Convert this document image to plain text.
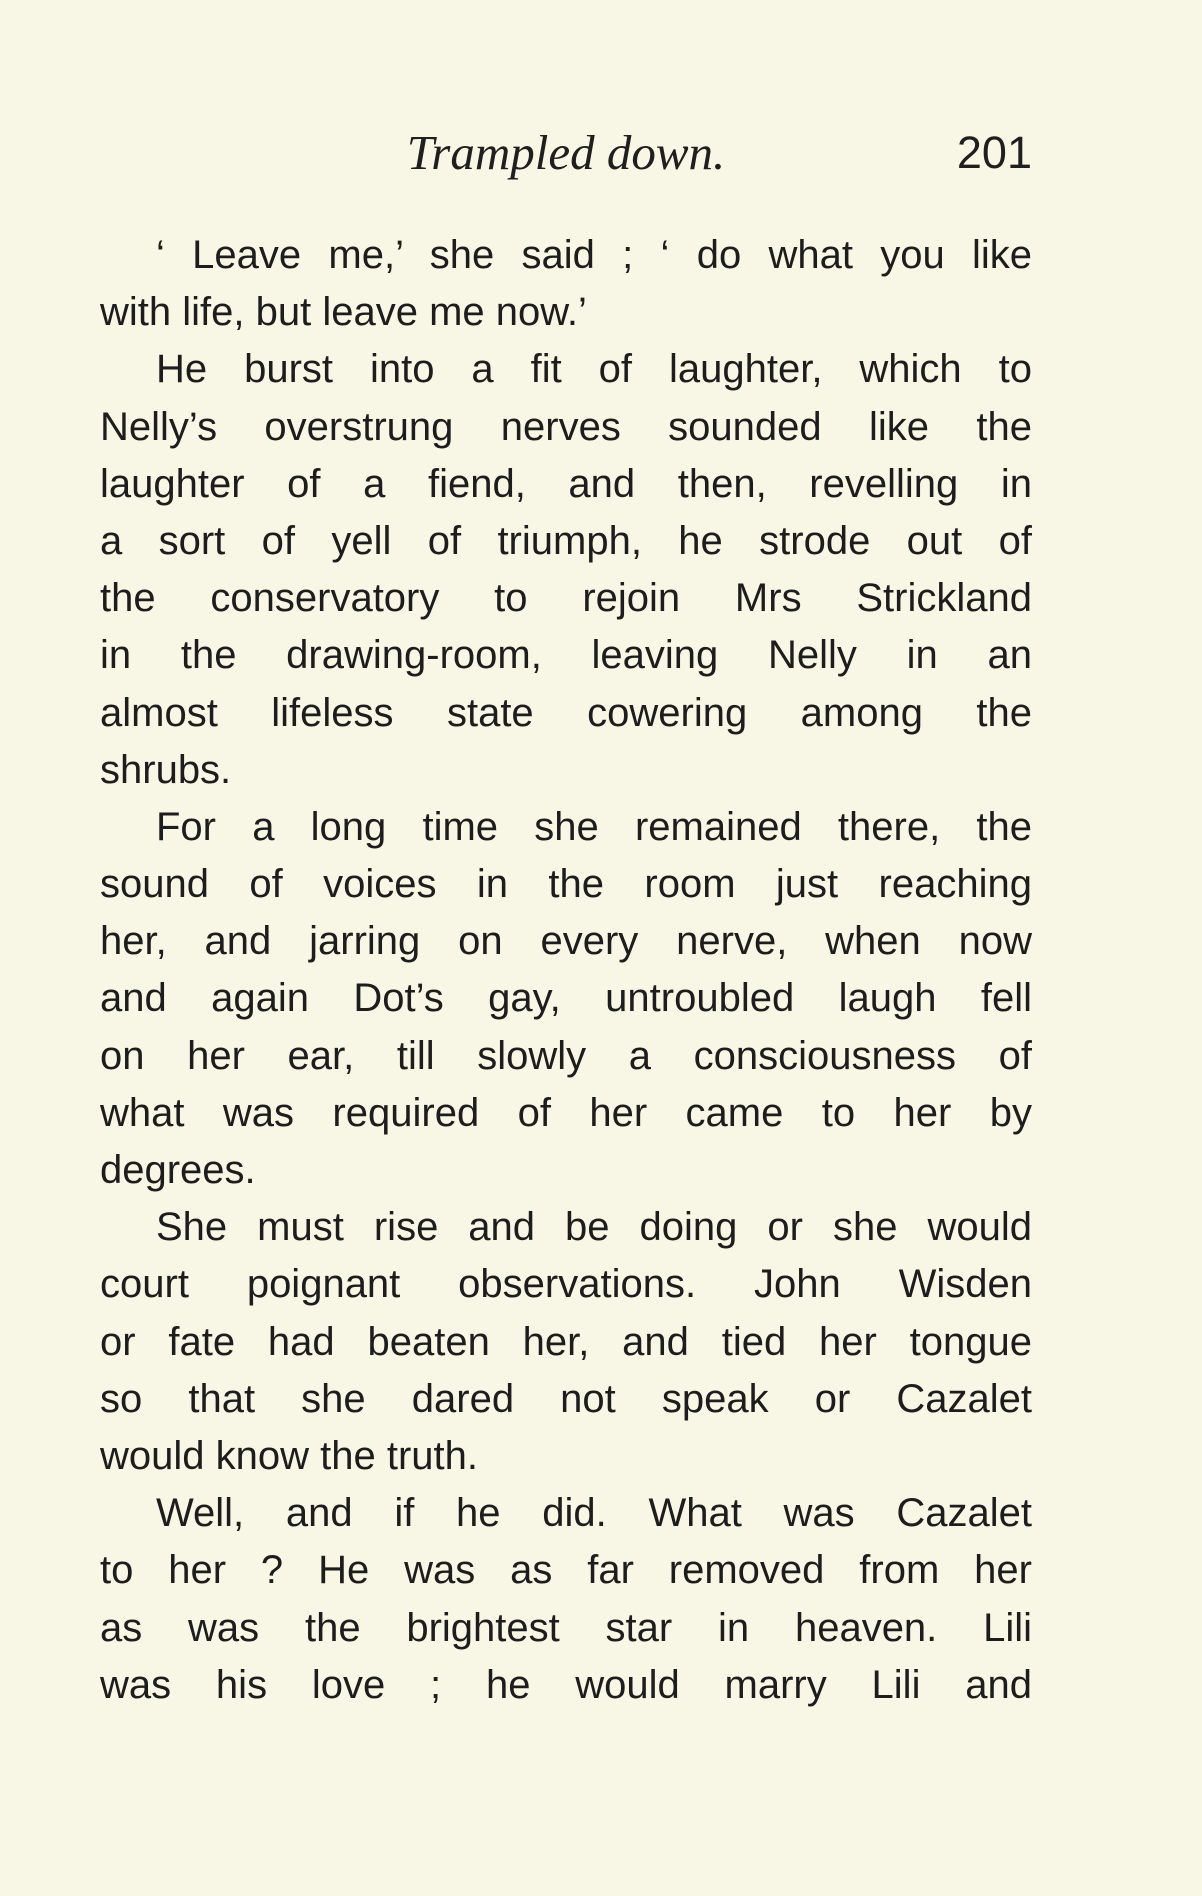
Trampled down.	201
‘ Leave me,’ she said ; ‘ do what you like
with life, but leave me now.’
He burst into a fit of laughter, which to
Nelly’s overstrung nerves sounded like the
laughter of a fiend, and then, revelling in
a sort of yell of triumph, he strode out of
the conservatory to rejoin Mrs Strickland
in the drawing-room, leaving Nelly in an
almost lifeless state cowering among the
shrubs.
For a long time she remained there, the
sound of voices in the room just reaching
her, and jarring on every nerve, when now
and again Dot’s gay, untroubled laugh fell
on her ear, till slowly a consciousness of
what was required of her came to her by
degrees.
She must rise and be doing or she would
court poignant observations. John Wisden
or fate had beaten her, and tied her tongue
so that she dared not speak or Cazalet
would know the truth.
Well, and if he did. What was Cazalet
to her ? He was as far removed from her
as was the brightest star in heaven. Lili
was his love ; he would marry Lili and
